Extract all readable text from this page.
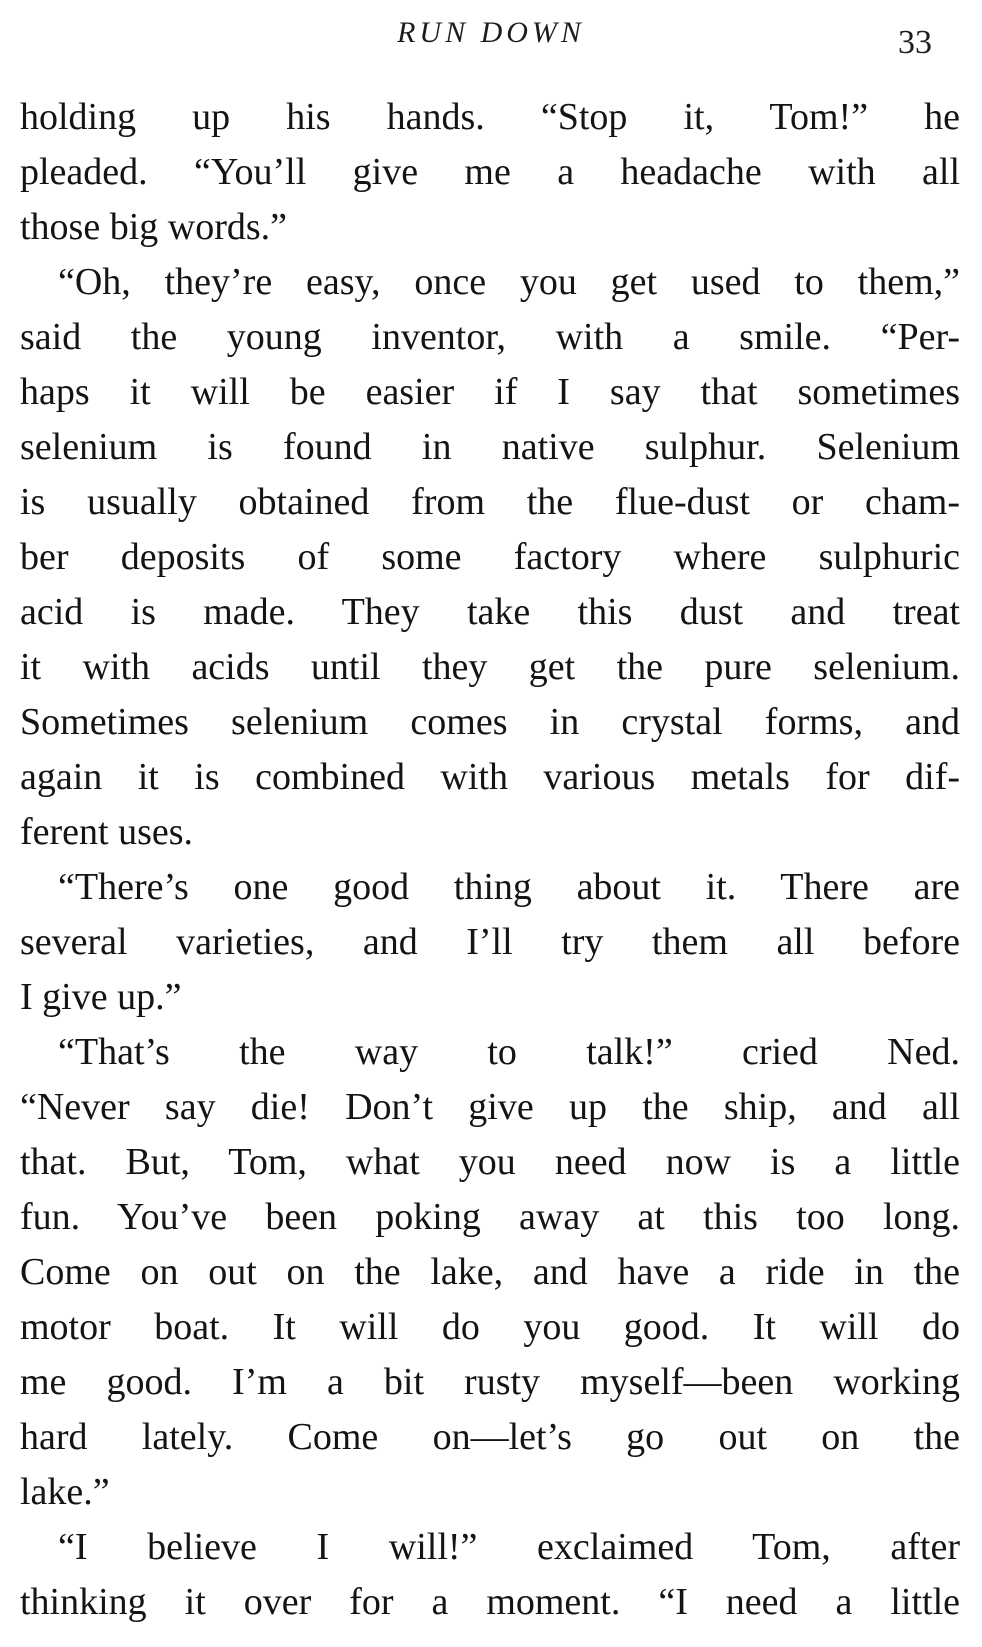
RUN DOWN	33
holding up his hands. “Stop it, Tom!” he
pleaded. “You’ll give me a headache with all
those big words.”
“Oh, they’re easy, once you get used to them,”
said the young inventor, with a smile. “Per-
haps it will be easier if I say that sometimes
selenium is found in native sulphur. Selenium
is usually obtained from the flue-dust or cham-
ber deposits of some factory where sulphuric
acid is made. They take this dust and treat
it with acids until they get the pure selenium.
Sometimes selenium comes in crystal forms, and
again it is combined with various metals for dif-
ferent uses.
“There’s one good thing about it. There are
several varieties, and I’ll try them all before
I give up.”
“That’s the way to talk!” cried Ned.
“Never say die! Don’t give up the ship, and all
that. But, Tom, what you need now is a little
fun. You’ve been poking away at this too long.
Come on out on the lake, and have a ride in the
motor boat. It will do you good. It will do
me good. I’m a bit rusty myself—been working
hard lately. Come on—let’s go out on the
lake.”
“I believe I will!” exclaimed Tom, after
thinking it over for a moment. “I need a little
